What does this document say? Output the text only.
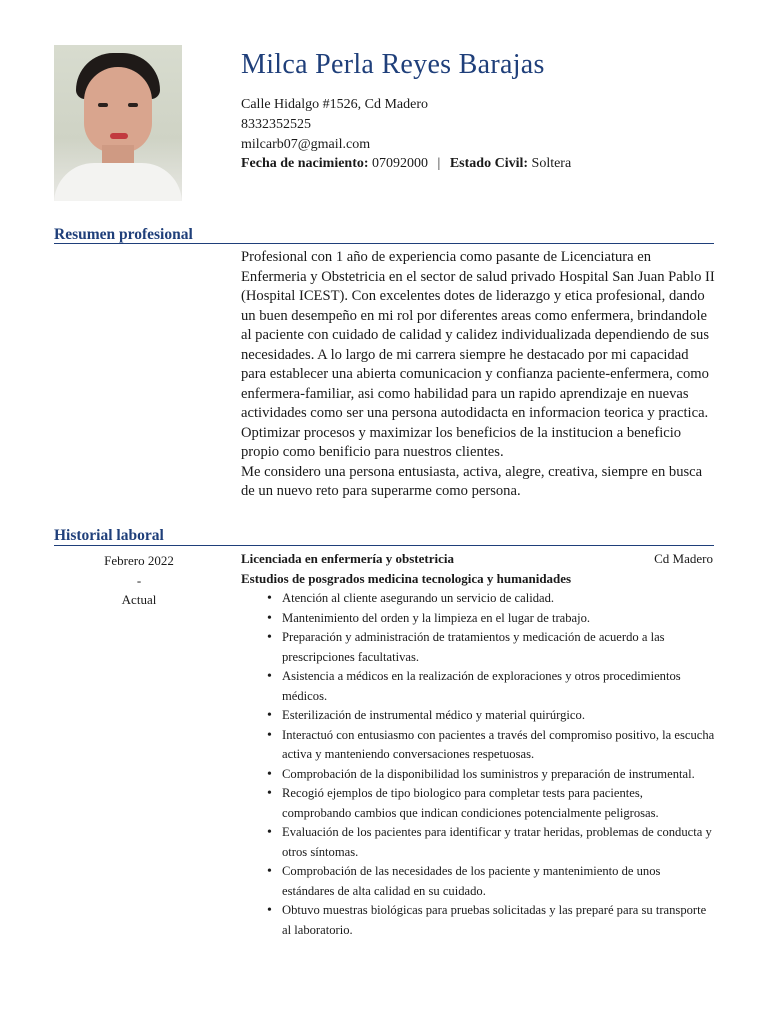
Milca Perla Reyes Barajas
Calle Hidalgo #1526, Cd Madero
8332352525
milcarb07@gmail.com
Fecha de nacimiento: 07092000 | Estado Civil: Soltera
Resumen profesional

Profesional con 1 año de experiencia como pasante de Licenciatura en Enfermeria y Obstetricia en el sector de salud privado Hospital San Juan Pablo II (Hospital ICEST). Con excelentes dotes de liderazgo y etica profesional, dando un buen desempeño en mi rol por diferentes areas como enfermera, brindandole al paciente con cuidado de calidad y calidez individualizada dependiendo de sus necesidades. A lo largo de mi carrera siempre he destacado por mi capacidad para establecer una abierta comunicacion y confianza paciente-enfermera, como enfermera-familiar, asi como habilidad para un rapido aprendizaje en nuevas actividades como ser una persona autodidacta en informacion teorica y practica. Optimizar procesos y maximizar los beneficios de la institucion a beneficio propio como benificio para nuestros clientes.

Me considero una persona entusiasta, activa, alegre, creativa, siempre en busca de un nuevo reto para superarme como persona.

Historial laboral
Febrero 2022
-
Actual
Licenciada en enfermería y obstetricia	Cd Madero
Estudios de posgrados medicina tecnologica y humanidades
• Atención al cliente asegurando un servicio de calidad.
• Mantenimiento del orden y la limpieza en el lugar de trabajo.
• Preparación y administración de tratamientos y medicación de acuerdo a las prescripciones facultativas.
• Asistencia a médicos en la realización de exploraciones y otros procedimientos médicos.
• Esterilización de instrumental médico y material quirúrgico.
• Interactuó con entusiasmo con pacientes a través del compromiso positivo, la escucha activa y manteniendo conversaciones respetuosas.
• Comprobación de la disponibilidad los suministros y preparación de instrumental.
• Recogió ejemplos de tipo biologico para completar tests para pacientes, comprobando cambios que indican condiciones potencialmente peligrosas.
• Evaluación de los pacientes para identificar y tratar heridas, problemas de conducta y otros síntomas.
• Comprobación de las necesidades de los paciente y mantenimiento de unos estándares de alta calidad en su cuidado.
• Obtuvo muestras biológicas para pruebas solicitadas y las preparé para su transporte al laboratorio.
